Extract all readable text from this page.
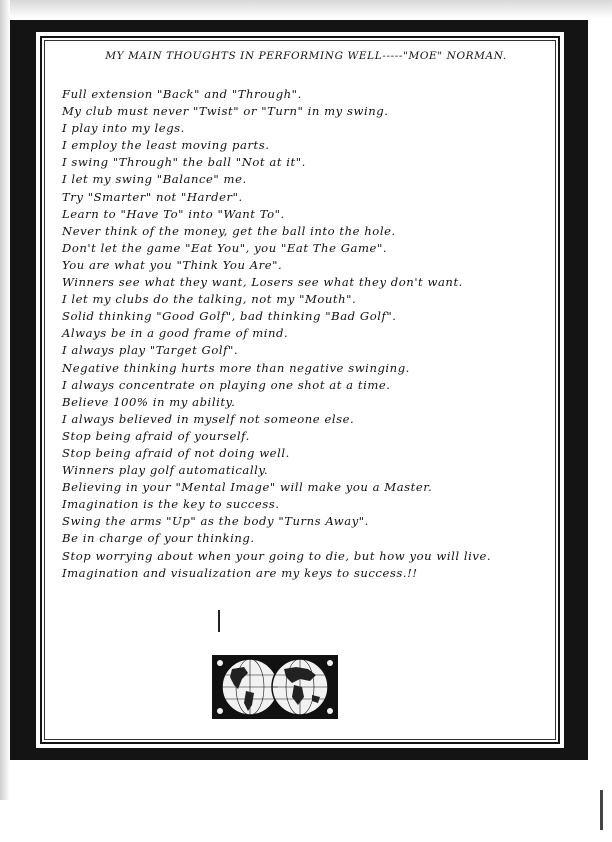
MY MAIN THOUGHTS IN PERFORMING WELL-----"MOE" NORMAN.
Full extension "Back" and "Through".
My club must never "Twist" or "Turn" in my swing.
I play into my legs.
I employ the least moving parts.
I swing "Through" the ball "Not at it".
I let my swing "Balance" me.
Try "Smarter" not "Harder".
Learn to "Have To" into "Want To".
Never think of the money, get the ball into the hole.
Don't let the game "Eat You", you "Eat The Game".
You are what you "Think You Are".
Winners see what they want, Losers see what they don't want.
I let my clubs do the talking, not my "Mouth".
Solid thinking "Good Golf", bad thinking "Bad Golf".
Always be in a good frame of mind.
I always play "Target Golf".
Negative thinking hurts more than negative swinging.
I always concentrate on playing one shot at a time.
Believe 100% in my ability.
I always believed in myself not someone else.
Stop being afraid of yourself.
Stop being afraid of not doing well.
Winners play golf automatically.
Believing in your "Mental Image" will make you a Master.
Imagination is the key to success.
Swing the arms "Up" as the body "Turns Away".
Be in charge of your thinking.
Stop worrying about when your going to die, but how you will live.
Imagination and visualization are my keys to success.!!
